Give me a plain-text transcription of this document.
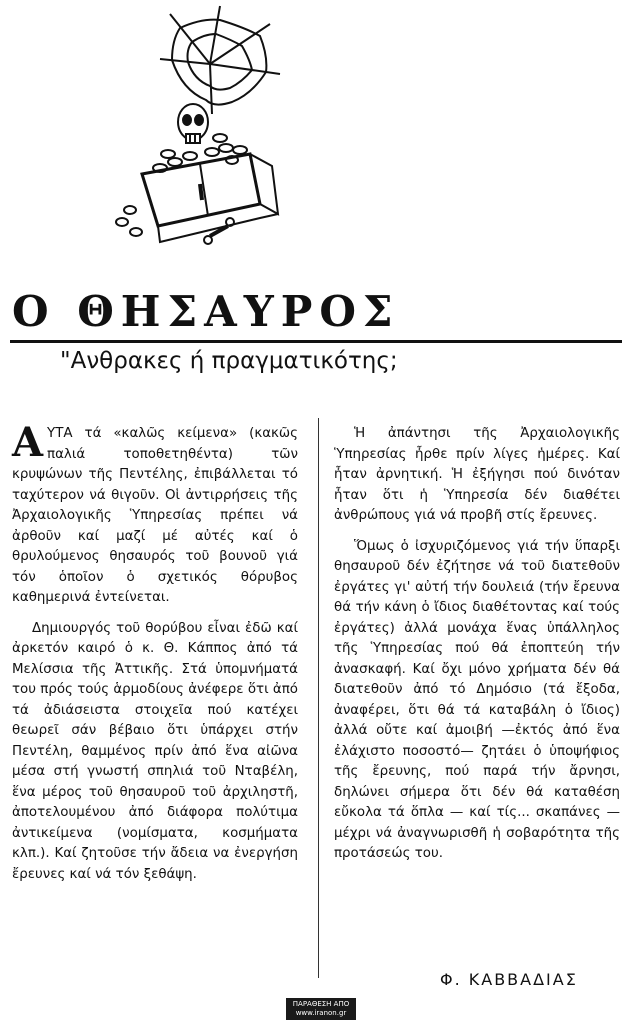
Ο ΘΗΣΑΥΡΟΣ
"Ανθρακες ή πραγματικότης;

ΑΥΤΑ τά «καλῶς κείμενα» (κακῶς παλιά τοποθετηθέντα) τῶν κρυψώνων τῆς Πεντέλης, ἐπιβάλλεται τό ταχύτερον νά θιγοῦν. Οἱ ἀντιρρήσεις τῆς Ἀρχαιολογικῆς Ὑπηρεσίας πρέπει νά ἀρθοῦν καί μαζί μέ αὐτές καί ὁ θρυλούμενος θησαυρός τοῦ βουνοῦ γιά τόν ὁποῖον ὁ σχετικός θόρυβος καθημερινά ἐντείνεται.

Δημιουργός τοῦ θορύβου εἶναι ἐδῶ καί ἀρκετόν καιρό ὁ κ. Θ. Κάππος ἀπό τά Μελίσσια τῆς Ἀττικῆς. Στά ὑπομνήματά του πρός τούς ἁρμοδίους ἀνέφερε ὅτι ἀπό τά ἀδιάσειστα στοιχεῖα πού κατέχει θεωρεῖ σάν βέβαιο ὅτι ὑπάρχει στήν Πεντέλη, θαμμένος πρίν ἀπό ἕνα αἰῶνα μέσα στή γνωστή σπηλιά τοῦ Νταβέλη, ἕνα μέρος τοῦ θησαυροῦ τοῦ ἀρχιληστῆ, ἀποτελουμένου ἀπό διάφορα πολύτιμα ἀντικείμενα (νομίσματα, κοσμήματα κλπ.). Καί ζητοῦσε τήν ἄδεια να ἐνεργήση ἔρευνες καί νά τόν ξεθάψη.

Ἡ ἀπάντησι τῆς Ἀρχαιολογικῆς Ὑπηρεσίας ἦρθε πρίν λίγες ἡμέρες. Καί ἦταν ἀρνητική. Ἡ ἐξήγησι πού δινόταν ἦταν ὅτι ἡ Ὑπηρεσία δέν διαθέτει ἀνθρώπους γιά νά προβῆ στίς ἔρευνες.

Ὅμως ὁ ἰσχυριζόμενος γιά τήν ὕπαρξι θησαυροῦ δέν ἐζήτησε νά τοῦ διατεθοῦν ἐργάτες γι' αὐτή τήν δουλειά (τήν ἔρευνα θά τήν κάνη ὁ ἴδιος διαθέτοντας καί τούς ἐργάτες) ἀλλά μονάχα ἕνας ὑπάλληλος τῆς Ὑπηρεσίας πού θά ἐποπτεύη τήν ἀνασκαφή. Καί ὄχι μόνο χρήματα δέν θά διατεθοῦν ἀπό τό Δημόσιο (τά ἔξοδα, ἀναφέρει, ὅτι θά τά καταβάλη ὁ ἴδιος) ἀλλά οὔτε καί ἀμοιβή —ἐκτός ἀπό ἕνα ἐλάχιστο ποσοστό— ζητάει ὁ ὑποψήφιος τῆς ἔρευνης, πού παρά τήν ἄρνησι, δηλώνει σήμερα ὅτι δέν θά καταθέση εὔκολα τά ὅπλα — καί τίς... σκαπάνες — μέχρι νά ἀναγνωρισθῆ ἡ σοβαρότητα τῆς προτάσεώς του.

Φ. ΚΑΒΒΑΔΙΑΣ

ΠΑΡΑΘΕΣΗ ΑΠΟ
www.iranon.gr
